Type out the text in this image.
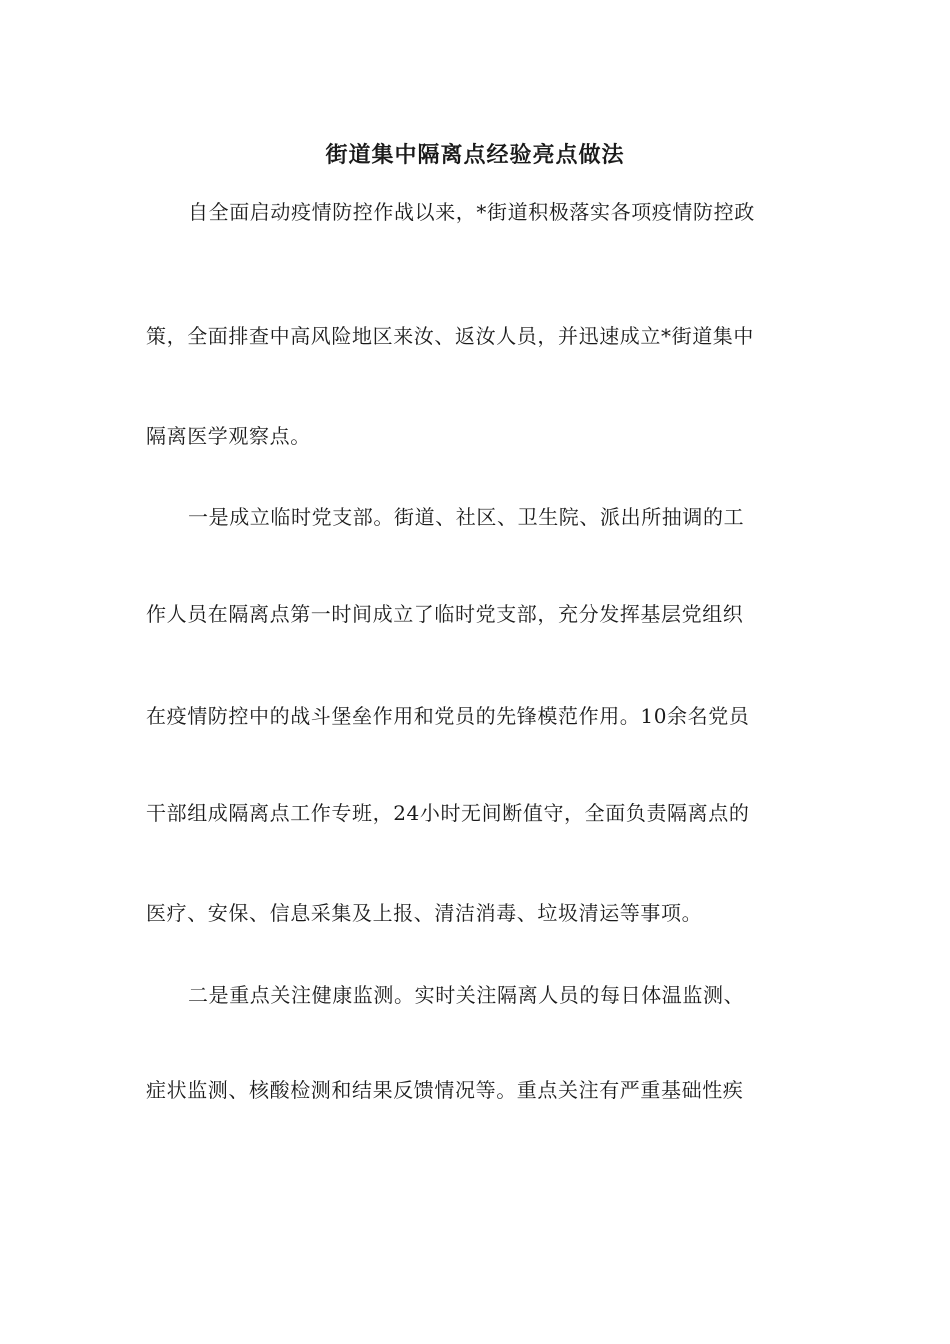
街道集中隔离点经验亮点做法
自全面启动疫情防控作战以来，*街道积极落实各项疫情防控政
策，全面排查中高风险地区来汝、返汝人员，并迅速成立*街道集中
隔离医学观察点。
一是成立临时党支部。街道、社区、卫生院、派出所抽调的工
作人员在隔离点第一时间成立了临时党支部，充分发挥基层党组织
在疫情防控中的战斗堡垒作用和党员的先锋模范作用。10余名党员
干部组成隔离点工作专班，24小时无间断值守，全面负责隔离点的
医疗、安保、信息采集及上报、清洁消毒、垃圾清运等事项。
二是重点关注健康监测。实时关注隔离人员的每日体温监测、
症状监测、核酸检测和结果反馈情况等。重点关注有严重基础性疾
